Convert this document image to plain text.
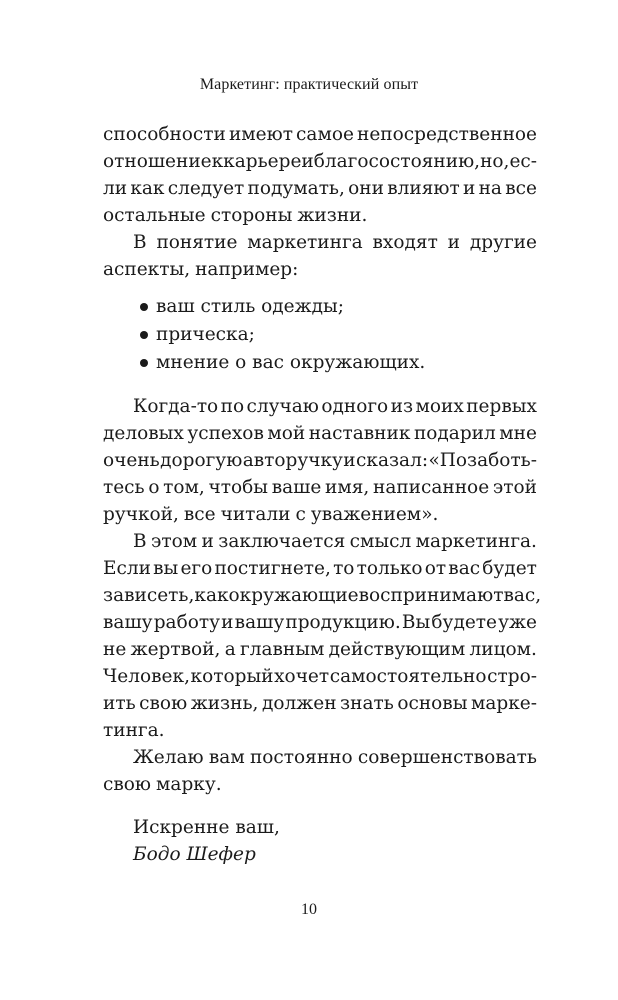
Маркетинг: практический опыт
способности имеют самое непосредственное
отношение к карьере и благосостоянию, но, ес-
ли как следует подумать, они влияют и на все
остальные стороны жизни.
В понятие маркетинга входят и другие
аспекты, например:
ваш стиль одежды;
прическа;
мнение о вас окружающих.
Когда-то по случаю одного из моих первых
деловых успехов мой наставник подарил мне
очень дорогую авторучку и сказал: «Позаботь-
тесь о том, чтобы ваше имя, написанное этой
ручкой, все читали с уважением».
В этом и заключается смысл маркетинга.
Если вы его постигнете, то только от вас будет
зависеть, как окружающие воспринимают вас,
вашу работу и вашу продукцию. Вы будете уже
не жертвой, а главным действующим лицом.
Человек, который хочет самостоятельно стро-
ить свою жизнь, должен знать основы марке-
тинга.
Желаю вам постоянно совершенствовать
свою марку.
Искренне ваш,
Бодо Шефер
10
